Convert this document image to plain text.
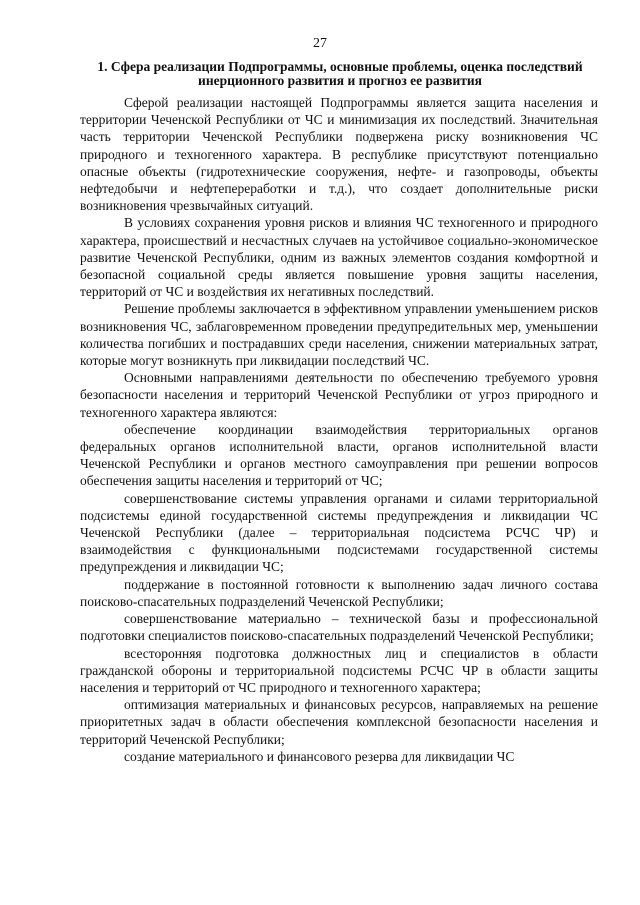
27
1. Сфера реализации Подпрограммы, основные проблемы, оценка последствий инерционного развития и прогноз ее развития

Сферой реализации настоящей Подпрограммы является защита населения и территории Чеченской Республики от ЧС и минимизация их последствий. Значительная часть территории Чеченской Республики подвержена риску возникновения ЧС природного и техногенного характера. В республике присутствуют потенциально опасные объекты (гидротехнические сооружения, нефте- и газопроводы, объекты нефтедобычи и нефтепереработки и т.д.), что создает дополнительные риски возникновения чрезвычайных ситуаций.

В условиях сохранения уровня рисков и влияния ЧС техногенного и природного характера, происшествий и несчастных случаев на устойчивое социально-экономическое развитие Чеченской Республики, одним из важных элементов создания комфортной и безопасной социальной среды является повышение уровня защиты населения, территорий от ЧС и воздействия их негативных последствий.

Решение проблемы заключается в эффективном управлении уменьшением рисков возникновения ЧС, заблаговременном проведении предупредительных мер, уменьшении количества погибших и пострадавших среди населения, снижении материальных затрат, которые могут возникнуть при ликвидации последствий ЧС.

Основными направлениями деятельности по обеспечению требуемого уровня безопасности населения и территорий Чеченской Республики от угроз природного и техногенного характера являются:

обеспечение координации взаимодействия территориальных органов федеральных органов исполнительной власти, органов исполнительной власти Чеченской Республики и органов местного самоуправления при решении вопросов обеспечения защиты населения и территорий от ЧС;

совершенствование системы управления органами и силами территориальной подсистемы единой государственной системы предупреждения и ликвидации ЧС Чеченской Республики (далее – территориальная подсистема РСЧС ЧР) и взаимодействия с функциональными подсистемами государственной системы предупреждения и ликвидации ЧС;

поддержание в постоянной готовности к выполнению задач личного состава поисково-спасательных подразделений Чеченской Республики;

совершенствование материально – технической базы и профессиональной подготовки специалистов поисково-спасательных подразделений Чеченской Республики;

всесторонняя подготовка должностных лиц и специалистов в области гражданской обороны и территориальной подсистемы РСЧС ЧР в области защиты населения и территорий от ЧС природного и техногенного характера;

оптимизация материальных и финансовых ресурсов, направляемых на решение приоритетных задач в области обеспечения комплексной безопасности населения и территорий Чеченской Республики;

создание материального и финансового резерва для ликвидации ЧС
